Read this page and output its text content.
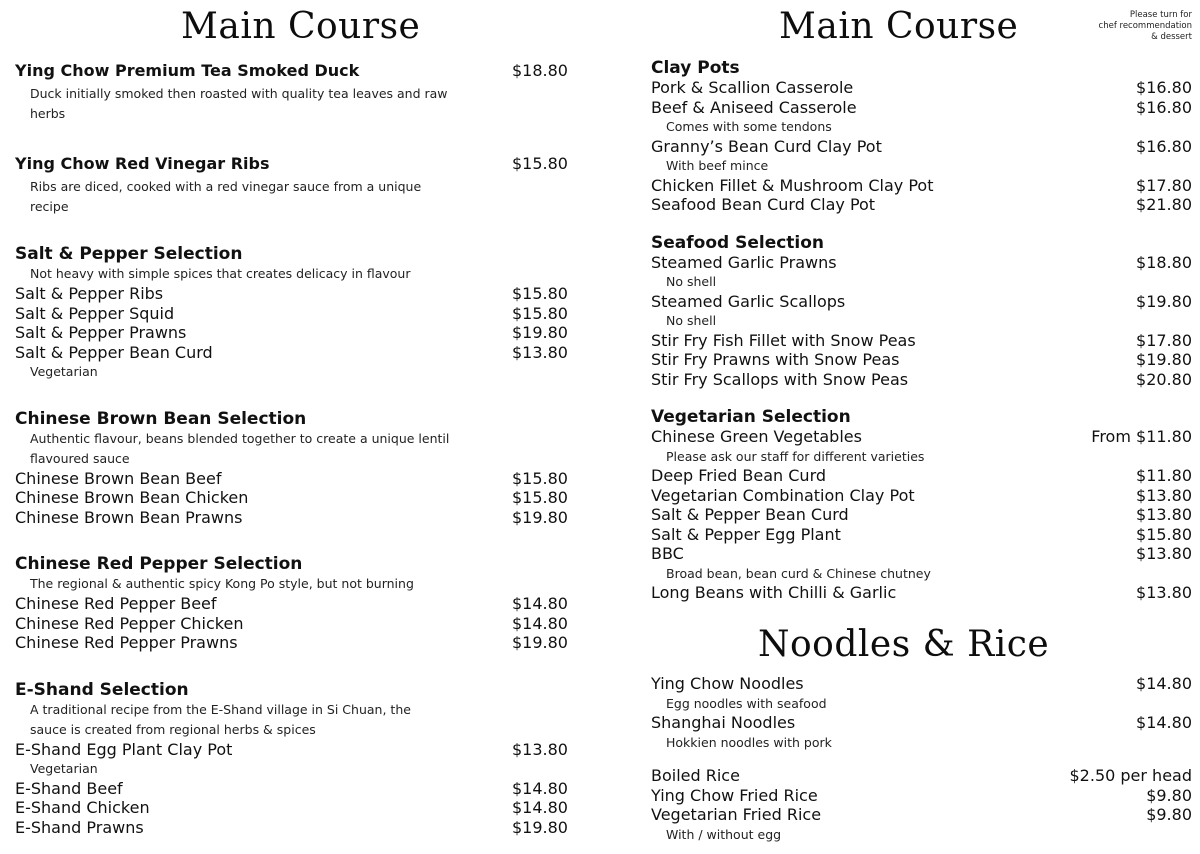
Main Course	Main Course	Please turn for
chef recommendation
& dessert
Ying Chow Premium Tea Smoked Duck	$18.80
Duck initially smoked then roasted with quality tea leaves and raw herbs
Ying Chow Red Vinegar Ribs	$15.80
Ribs are diced, cooked with a red vinegar sauce from a unique recipe
Salt & Pepper Selection
Not heavy with simple spices that creates delicacy in flavour
Salt & Pepper Ribs	$15.80
Salt & Pepper Squid	$15.80
Salt & Pepper Prawns	$19.80
Salt & Pepper Bean Curd	$13.80
Vegetarian
Chinese Brown Bean Selection
Authentic flavour, beans blended together to create a unique lentil flavoured sauce
Chinese Brown Bean Beef	$15.80
Chinese Brown Bean Chicken	$15.80
Chinese Brown Bean Prawns	$19.80
Chinese Red Pepper Selection
The regional & authentic spicy Kong Po style, but not burning
Chinese Red Pepper Beef	$14.80
Chinese Red Pepper Chicken	$14.80
Chinese Red Pepper Prawns	$19.80
E-Shand Selection
A traditional recipe from the E-Shand village in Si Chuan, the sauce is created from regional herbs & spices
E-Shand Egg Plant Clay Pot	$13.80
Vegetarian
E-Shand Beef	$14.80
E-Shand Chicken	$14.80
E-Shand Prawns	$19.80
Clay Pots
Pork & Scallion Casserole	$16.80
Beef & Aniseed Casserole	$16.80
Comes with some tendons
Granny’s Bean Curd Clay Pot	$16.80
With beef mince
Chicken Fillet & Mushroom Clay Pot	$17.80
Seafood Bean Curd Clay Pot	$21.80
Seafood Selection
Steamed Garlic Prawns	$18.80
No shell
Steamed Garlic Scallops	$19.80
No shell
Stir Fry Fish Fillet with Snow Peas	$17.80
Stir Fry Prawns with Snow Peas	$19.80
Stir Fry Scallops with Snow Peas	$20.80
Vegetarian Selection
Chinese Green Vegetables	From $11.80
Please ask our staff for different varieties
Deep Fried Bean Curd	$11.80
Vegetarian Combination Clay Pot	$13.80
Salt & Pepper Bean Curd	$13.80
Salt & Pepper Egg Plant	$15.80
BBC	$13.80
Broad bean, bean curd & Chinese chutney
Long Beans with Chilli & Garlic	$13.80
Noodles & Rice
Ying Chow Noodles	$14.80
Egg noodles with seafood
Shanghai Noodles	$14.80
Hokkien noodles with pork
Boiled Rice	$2.50 per head
Ying Chow Fried Rice	$9.80
Vegetarian Fried Rice	$9.80
With / without egg
